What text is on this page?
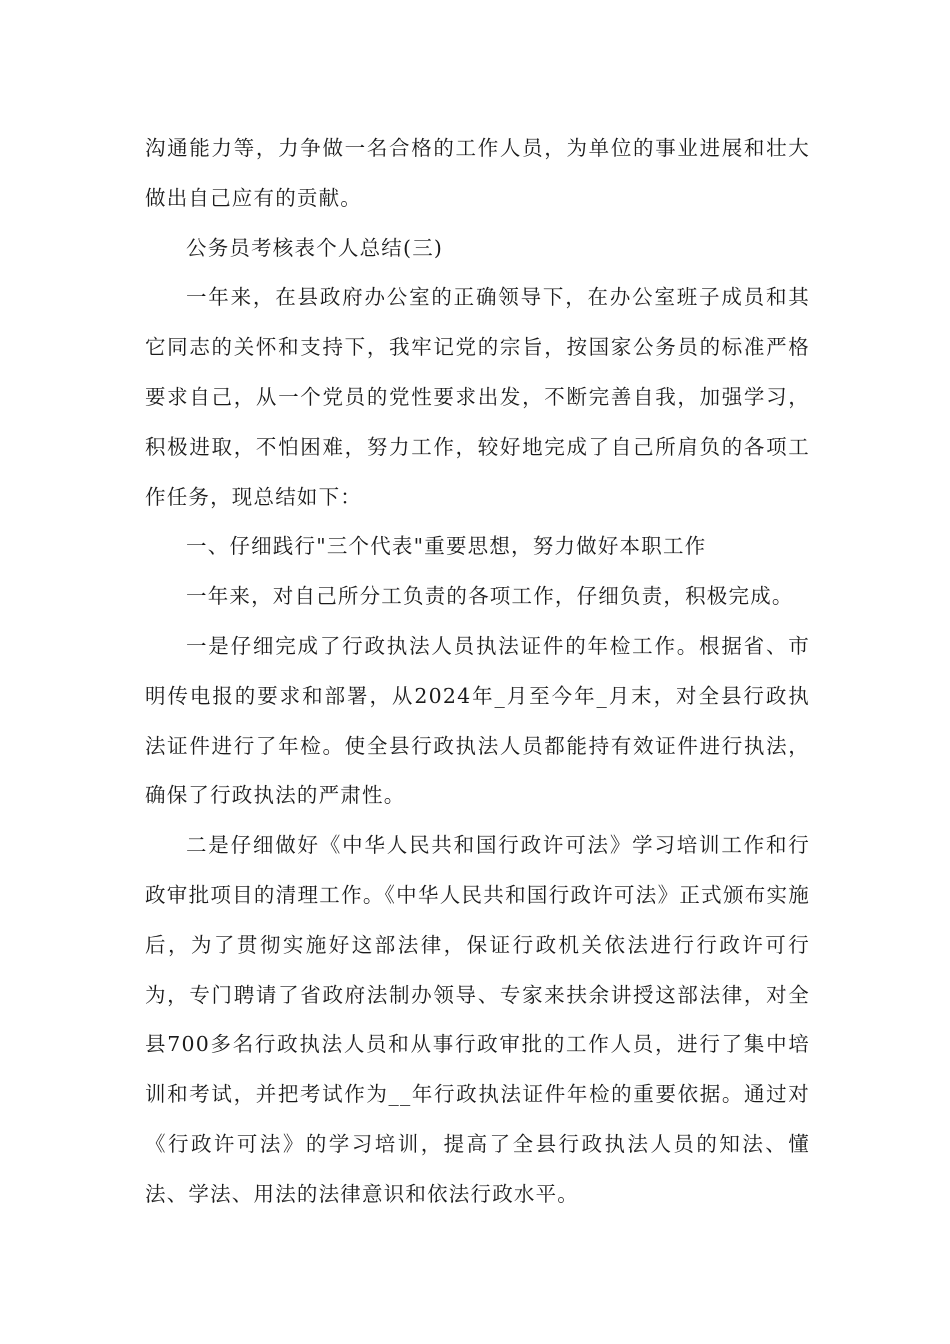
沟通能力等，力争做一名合格的工作人员，为单位的事业进展和壮大做出自己应有的贡献。

公务员考核表个人总结(三)

一年来，在县政府办公室的正确领导下，在办公室班子成员和其它同志的关怀和支持下，我牢记党的宗旨，按国家公务员的标准严格要求自己，从一个党员的党性要求出发，不断完善自我，加强学习，积极进取，不怕困难，努力工作，较好地完成了自己所肩负的各项工作任务，现总结如下：

一、仔细践行"三个代表"重要思想，努力做好本职工作

一年来，对自己所分工负责的各项工作，仔细负责，积极完成。

一是仔细完成了行政执法人员执法证件的年检工作。根据省、市明传电报的要求和部署，从2024年_月至今年_月末，对全县行政执法证件进行了年检。使全县行政执法人员都能持有效证件进行执法，确保了行政执法的严肃性。

二是仔细做好《中华人民共和国行政许可法》学习培训工作和行政审批项目的清理工作。《中华人民共和国行政许可法》正式颁布实施后，为了贯彻实施好这部法律，保证行政机关依法进行行政许可行为，专门聘请了省政府法制办领导、专家来扶余讲授这部法律，对全县700多名行政执法人员和从事行政审批的工作人员，进行了集中培训和考试，并把考试作为__年行政执法证件年检的重要依据。通过对《行政许可法》的学习培训，提高了全县行政执法人员的知法、懂法、学法、用法的法律意识和依法行政水平。
